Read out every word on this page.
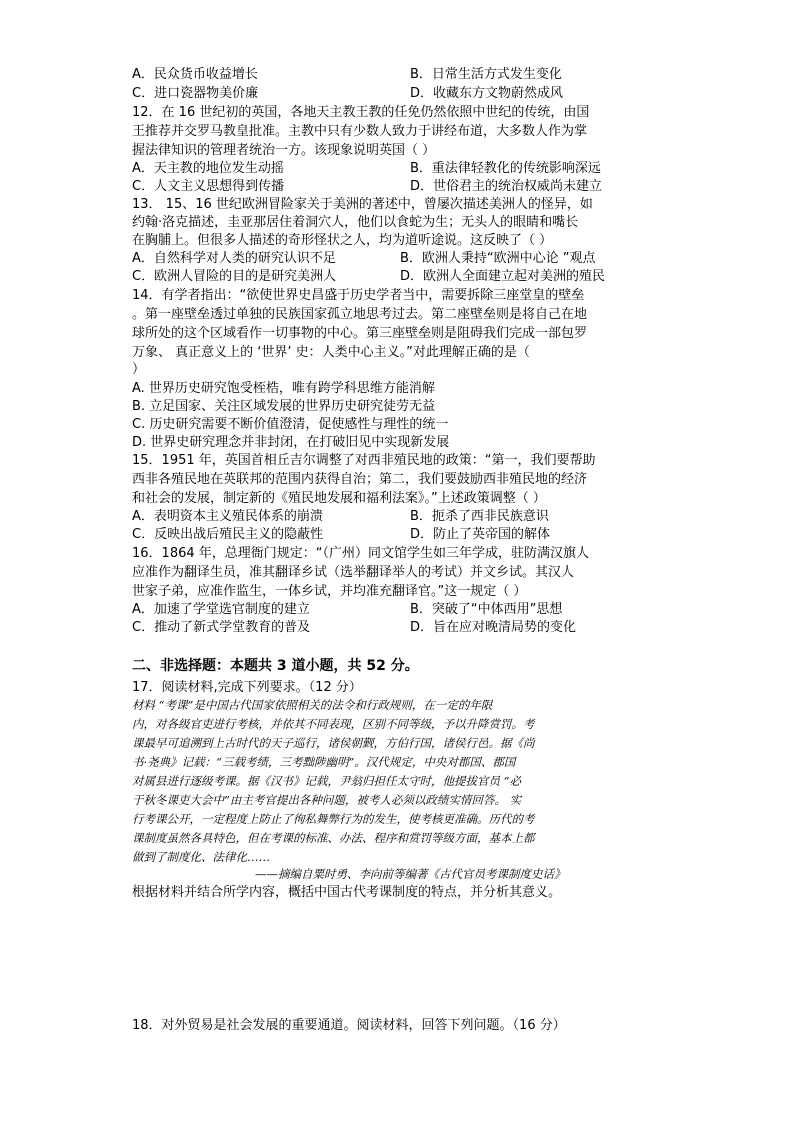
A．民众货币收益增长	B．日常生活方式发生变化
C．进口瓷器物美价廉	D．收藏东方文物蔚然成风
12．在 16 世纪初的英国，各地天主教王教的任免仍然依照中世纪的传统，由国
王推荐并交罗马教皇批准。主教中只有少数人致力于讲经布道，大多数人作为掌
握法律知识的管理者统治一方。该现象说明英国（ ）
A．天主教的地位发生动摇	B．重法律轻教化的传统影响深远
C．人文主义思想得到传播	D．世俗君主的统治权威尚未建立
13． 15、16 世纪欧洲冒险家关于美洲的著述中，曾屡次描述美洲人的怪异，如
约翰·洛克描述，圭亚那居住着洞穴人，他们以食蛇为生；无头人的眼睛和嘴长
在胸脯上。但很多人描述的奇形怪状之人，均为道听途说。这反映了（ ）
A．自然科学对人类的研究认识不足	B．欧洲人秉持“欧洲中心论 ”观点
C．欧洲人冒险的目的是研究美洲人	D．欧洲人全面建立起对美洲的殖民
14．有学者指出：“欲使世界史昌盛于历史学者当中，需要拆除三座堂皇的壁垒
。第一座壁垒透过单独的民族国家孤立地思考过去。第二座壁垒则是将自己在地
球所处的这个区域看作一切事物的中心。第三座壁垒则是阻碍我们完成一部包罗
万象、 真正意义上的 ‘世界’ 史：人类中心主义。”对此理解正确的是（
）
A. 世界历史研究饱受桎梏，唯有跨学科思维方能消解
B. 立足国家、关注区域发展的世界历史研究徒劳无益
C. 历史研究需要不断价值澄清，促使感性与理性的统一
D. 世界史研究理念并非封闭，在打破旧见中实现新发展
15．1951 年，英国首相丘吉尔调整了对西非殖民地的政策：“第一，我们要帮助
西非各殖民地在英联邦的范围内获得自治；第二，我们要鼓励西非殖民地的经济
和社会的发展，制定新的《殖民地发展和福利法案》。”上述政策调整（ ）
A．表明资本主义殖民体系的崩溃	B．扼杀了西非民族意识
C．反映出战后殖民主义的隐蔽性	D．防止了英帝国的解体
16．1864 年，总理衙门规定：“（广州）同文馆学生如三年学成，驻防满汉旗人
应准作为翻译生员，准其翻译乡试（选举翻译举人的考试）并文乡试。其汉人
世家子弟，应准作监生，一体乡试，并均准充翻译官。”这一规定（ ）
A．加速了学堂选官制度的建立	B．突破了“中体西用”思想
C．推动了新式学堂教育的普及	D．旨在应对晚清局势的变化
二、非选择题：本题共 3 道小题，共 52 分。
17．阅读材料,完成下列要求。（12 分）
材料 “考课”是中国古代国家依照相关的法令和行政规则，在一定的年限
内，对各级官吏进行考核，并依其不同表现，区别不同等级，予以升降赏罚。考
课最早可追溯到上古时代的天子巡行，诸侯朝觐，方伯行国，诸侯行邑。据《尚
书·尧典》记载：“三载考绩，三考黜陟幽明”。汉代规定，中央对郡国、郡国
对属县进行逐级考课。据《汉书》记载，尹翁归担任太守时，他提拔官员 “必
于秋冬课吏大会中”由主考官提出各种问题，被考人必须以政绩实情回答。 实
行考课公开，一定程度上防止了徇私舞弊行为的发生，使考核更准确。历代的考
课制度虽然各具特色，但在考课的标准、办法、程序和赏罚等级方面，基本上都
做到了制度化、法律化……
——摘编自粟时勇、李向前等编著《古代官员考课制度史话》
根据材料并结合所学内容，概括中国古代考课制度的特点，并分析其意义。
18．对外贸易是社会发展的重要通道。阅读材料，回答下列问题。（16 分）
